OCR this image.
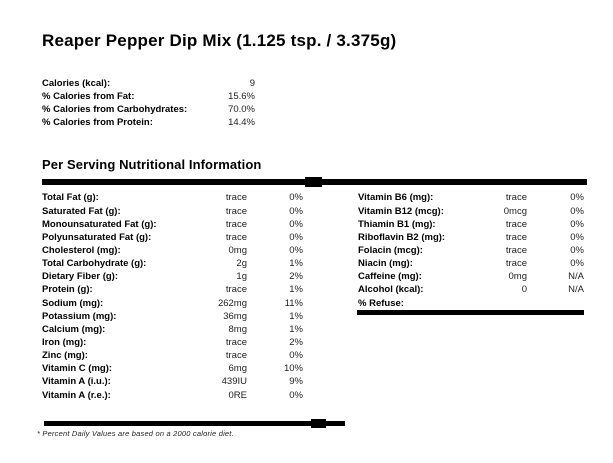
Reaper Pepper Dip Mix (1.125 tsp. / 3.375g)
Calories (kcal):	9
% Calories from Fat:	15.6%
% Calories from Carbohydrates:	70.0%
% Calories from Protein:	14.4%
Per Serving Nutritional Information
Total Fat (g):	trace	0%
Saturated Fat (g):	trace	0%
Monounsaturated Fat (g):	trace	0%
Polyunsaturated Fat (g):	trace	0%
Cholesterol (mg):	0mg	0%
Total Carbohydrate (g):	2g	1%
Dietary Fiber (g):	1g	2%
Protein (g):	trace	1%
Sodium (mg):	262mg	11%
Potassium (mg):	36mg	1%
Calcium (mg):	8mg	1%
Iron (mg):	trace	2%
Zinc (mg):	trace	0%
Vitamin C (mg):	6mg	10%
Vitamin A (i.u.):	439IU	9%
Vitamin A (r.e.):	0RE	0%
Vitamin B6 (mg):	trace	0%
Vitamin B12 (mcg):	0mcg	0%
Thiamin B1 (mg):	trace	0%
Riboflavin B2 (mg):	trace	0%
Folacin (mcg):	trace	0%
Niacin (mg):	trace	0%
Caffeine (mg):	0mg	N/A
Alcohol (kcal):	0	N/A
% Refuse:
* Percent Daily Values are based on a 2000 calorie diet.
